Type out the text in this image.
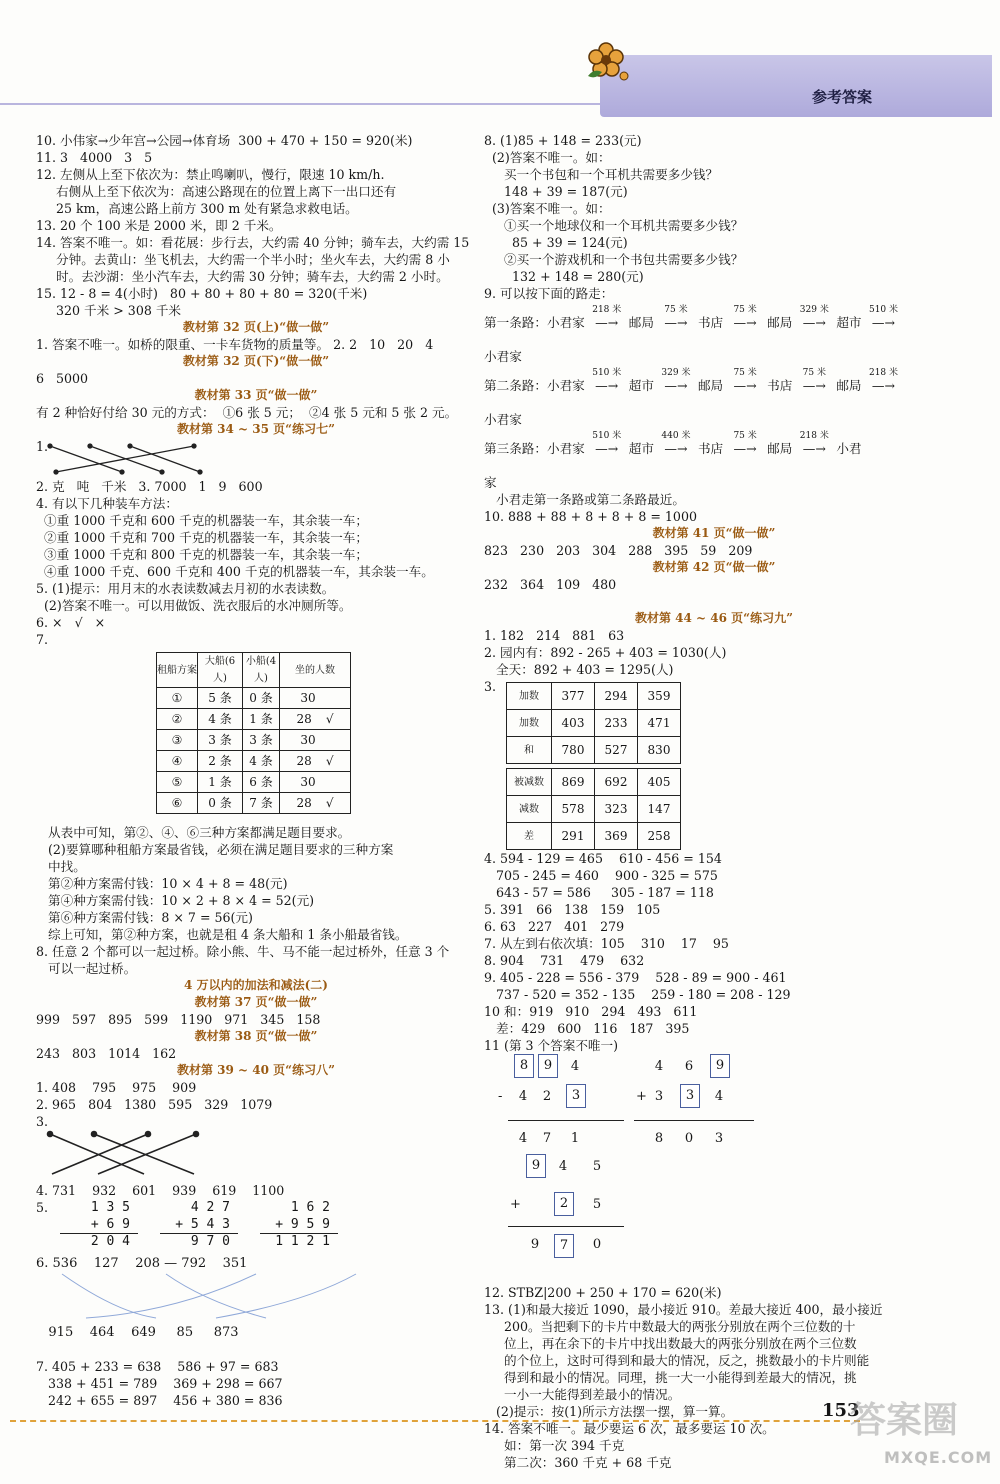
参考答案
10. 小伟家→少年宫→公园→体育场  300 + 470 + 150 = 920(米)
11. 3   4000   3   5
12. 左侧从上至下依次为：禁止鸣喇叭，慢行，限速 10 km/h.
右侧从上至下依次为：高速公路现在的位置上离下一出口还有
25 km，高速公路上前方 300 m 处有紧急求救电话。
13. 20 个 100 米是 2000 米，即 2 千米。
14. 答案不唯一。如：看花展：步行去，大约需 40 分钟；骑车去，大约需 15
分钟。去黄山：坐飞机去，大约需一个半小时；坐火车去，大约需 8 小
时。去沙湖：坐小汽车去，大约需 30 分钟；骑车去，大约需 2 小时。
15. 12 - 8 = 4(小时)   80 + 80 + 80 + 80 = 320(千米)
320 千米 > 308 千米
教材第 32 页(上)“做一做”
1. 答案不唯一。如桥的限重、一卡车货物的质量等。 2. 2   10   20   4
教材第 32 页(下)“做一做”
6   5000
教材第 33 页“做一做”
有 2 种恰好付给 30 元的方式：  ①6 张 5 元；  ②4 张 5 元和 5 张 2 元。
教材第 34 ~ 35 页“练习七”
1.
2. 克   吨   千米   3. 7000   1   9   600
4. 有以下几种装车方法：
①重 1000 千克和 600 千克的机器装一车，其余装一车；
②重 1000 千克和 700 千克的机器装一车，其余装一车；
③重 1000 千克和 800 千克的机器装一车，其余装一车；
④重 1000 千克、600 千克和 400 千克的机器装一车，其余装一车。
5. (1)提示：用月末的水表读数减去月初的水表读数。
(2)答案不唯一。可以用做饭、洗衣服后的水冲厕所等。
6. ×   √   ×
7.
租船方案	大船(6人)	小船(4人)	坐的人数
①	5 条	0 条	30
②	4 条	1 条	28 √
③	3 条	3 条	30
④	2 条	4 条	28 √
⑤	1 条	6 条	30
⑥	0 条	7 条	28 √
从表中可知，第②、④、⑥三种方案都满足题目要求。
(2)要算哪种租船方案最省钱，必须在满足题目要求的三种方案
中找。
第②种方案需付钱：10 × 4 + 8 = 48(元)
第④种方案需付钱：10 × 2 + 8 × 4 = 52(元)
第⑥种方案需付钱：8 × 7 = 56(元)
综上可知，第②种方案，也就是租 4 条大船和 1 条小船最省钱。
8. 任意 2 个都可以一起过桥。除小熊、牛、马不能一起过桥外，任意 3 个
可以一起过桥。
4 万以内的加法和减法(二)
教材第 37 页“做一做”
999   597   895   599   1190   971   345   158
教材第 38 页“做一做”
243   803   1014   162
教材第 39 ~ 40 页“练习八”
1. 408    795    975    909
2. 965   804   1380   595   329   1079
3.
4. 731    932    601    939    619    1100
5. 1 3 5
+ 6 9
2 0 4
4 2 7
+ 5 4 3
9 7 0
1 6 2
+ 9 5 9
1 1 2 1
6. 536    127    208 — 792    351
915    464    649     85     873
7. 405 + 233 = 638    586 + 97 = 683
338 + 451 = 789    369 + 298 = 667
242 + 655 = 897    456 + 380 = 836
8. (1)85 + 148 = 233(元)
(2)答案不唯一。如：
买一个书包和一个耳机共需要多少钱？
148 + 39 = 187(元)
(3)答案不唯一。如：
①买一个地球仪和一个耳机共需要多少钱？
85 + 39 = 124(元)
②买一个游戏机和一个书包共需要多少钱？
132 + 148 = 280(元)
9. 可以按下面的路走：
第一条路：小君家
218 米
—→ 邮局
75 米
—→ 书店
75 米
—→ 邮局
329 米
—→ 超市
510 米
—→
小君家
第二条路：小君家
510 米
—→ 超市
329 米
—→ 邮局
75 米
—→ 书店
75 米
—→ 邮局
218 米
—→
小君家
第三条路：小君家
510 米
—→ 超市
440 米
—→ 书店
75 米
—→ 邮局
218 米
—→ 小君
家
小君走第一条路或第二条路最近。
10. 888 + 88 + 8 + 8 + 8 = 1000
教材第 41 页“做一做”
823   230   203   304   288   395   59   209
教材第 42 页“做一做”
232   364   109   480
教材第 44 ~ 46 页“练习九”
1. 182   214   881   63
2. 园内有：892 - 265 + 403 = 1030(人)
全天：892 + 403 = 1295(人)
3.
加数	377	294	359
加数	403	233	471
和	780	527	830
被减数	869	692	405
减数	578	323	147
差	291	369	258
4. 594 - 129 = 465    610 - 456 = 154
705 - 245 = 460    900 - 325 = 575
643 - 57 = 586     305 - 187 = 118
5. 391   66   138   159   105
6. 63   227   401   279
7. 从左到右依次填：105    310    17    95
8. 904    731    479    632
9. 405 - 228 = 556 - 379    528 - 89 = 900 - 461
737 - 520 = 352 - 135    259 - 180 = 208 - 129
10 和：919   910   294   493   611
差：429   600   116   187   395
11 (第 3 个答案不唯一)
8	9	4
-	4	2	3
4	7	1
4	6	9
+ 3	3	4
8	0	3
9	4	5
+	2	5
9	7	0
12. STBZ|200 + 250 + 170 = 620(米)
13. (1)和最大接近 1090，最小接近 910。差最大接近 400，最小接近
200。当把剩下的卡片中数最大的两张分别放在两个三位数的十
位上，再在余下的卡片中找出数最大的两张分别放在两个三位数
的个位上，这时可得到和最大的情况，反之，挑数最小的卡片则能
得到和最小的情况。同理，挑一大一小能得到差最大的情况，挑
一小一大能得到差最小的情况。
(2)提示：按(1)所示方法摆一摆，算一算。
14. 答案不唯一。最少要运 6 次，最多要运 10 次。
如：第一次 394 千克
第二次：360 千克 + 68 千克
153
答案圈
MXQE.COM
